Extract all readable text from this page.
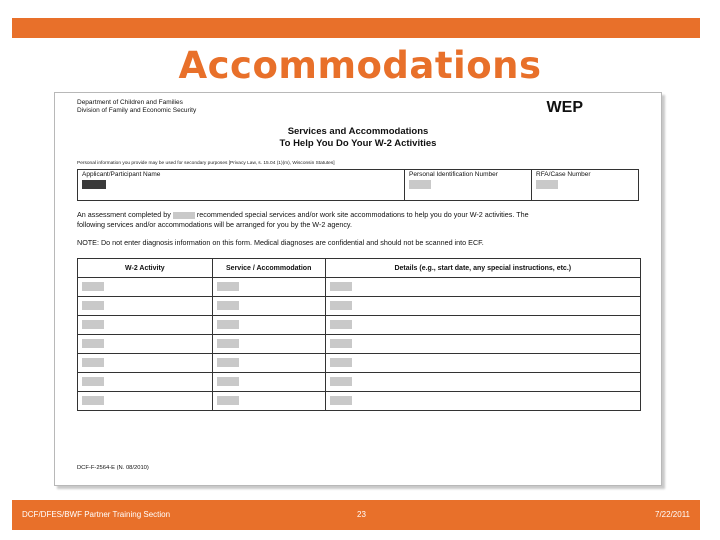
Accommodations
Department of Children and Families
Division of Family and Economic Security	WEP
Services and Accommodations
To Help You Do Your W-2 Activities
Personal information you provide may be used for secondary purposes [Privacy Law, s. 15.04 (1)(m), Wisconsin Statutes]
Applicant/Participant Name	Personal Identification Number	RFA/Case Number
An assessment completed by	recommended special services and/or work site accommodations to help you do your W-2 activities. The
following services and/or accommodations will be arranged for you by the W-2 agency.
NOTE: Do not enter diagnosis information on this form. Medical diagnoses are confidential and should not be scanned into ECF.
W-2 Activity	Service / Accommodation	Details (e.g., start date, any special instructions, etc.)

DCF-F-2564-E (N. 08/2010)
DCF/DFES/BWF Partner Training Section	23	7/22/2011
